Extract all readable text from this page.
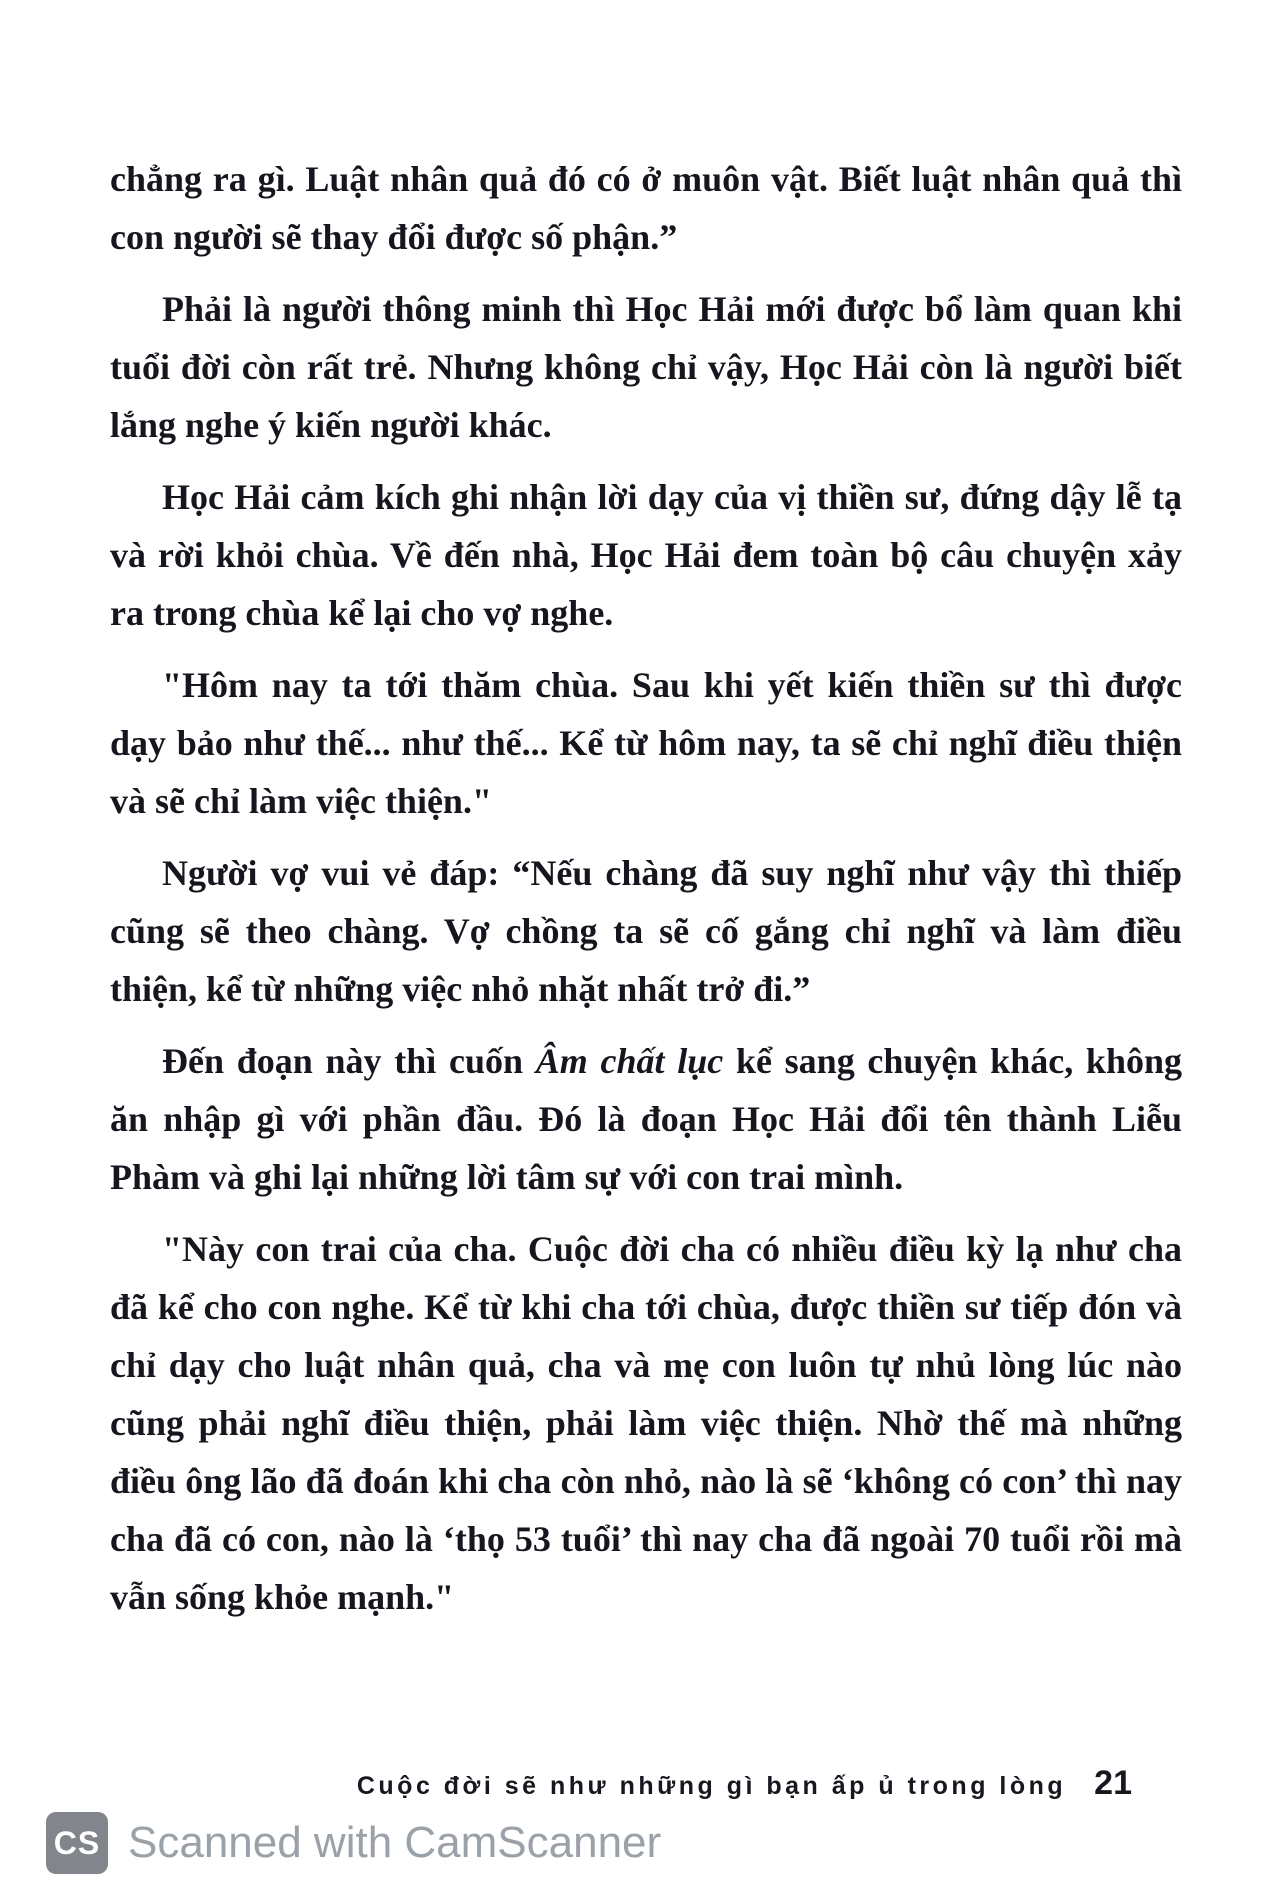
chẳng ra gì. Luật nhân quả đó có ở muôn vật. Biết luật nhân quả thì con người sẽ thay đổi được số phận.”

Phải là người thông minh thì Học Hải mới được bổ làm quan khi tuổi đời còn rất trẻ. Nhưng không chỉ vậy, Học Hải còn là người biết lắng nghe ý kiến người khác.

Học Hải cảm kích ghi nhận lời dạy của vị thiền sư, đứng dậy lễ tạ và rời khỏi chùa. Về đến nhà, Học Hải đem toàn bộ câu chuyện xảy ra trong chùa kể lại cho vợ nghe.

"Hôm nay ta tới thăm chùa. Sau khi yết kiến thiền sư thì được dạy bảo như thế... như thế... Kể từ hôm nay, ta sẽ chỉ nghĩ điều thiện và sẽ chỉ làm việc thiện."

Người vợ vui vẻ đáp: “Nếu chàng đã suy nghĩ như vậy thì thiếp cũng sẽ theo chàng. Vợ chồng ta sẽ cố gắng chỉ nghĩ và làm điều thiện, kể từ những việc nhỏ nhặt nhất trở đi.”

Đến đoạn này thì cuốn Âm chất lục kể sang chuyện khác, không ăn nhập gì với phần đầu. Đó là đoạn Học Hải đổi tên thành Liễu Phàm và ghi lại những lời tâm sự với con trai mình.

"Này con trai của cha. Cuộc đời cha có nhiều điều kỳ lạ như cha đã kể cho con nghe. Kể từ khi cha tới chùa, được thiền sư tiếp đón và chỉ dạy cho luật nhân quả, cha và mẹ con luôn tự nhủ lòng lúc nào cũng phải nghĩ điều thiện, phải làm việc thiện. Nhờ thế mà những điều ông lão đã đoán khi cha còn nhỏ, nào là sẽ ‘không có con’ thì nay cha đã có con, nào là ‘thọ 53 tuổi’ thì nay cha đã ngoài 70 tuổi rồi mà vẫn sống khỏe mạnh."

Cuộc đời sẽ như những gì bạn ấp ủ trong lòng 21
CS Scanned with CamScanner
